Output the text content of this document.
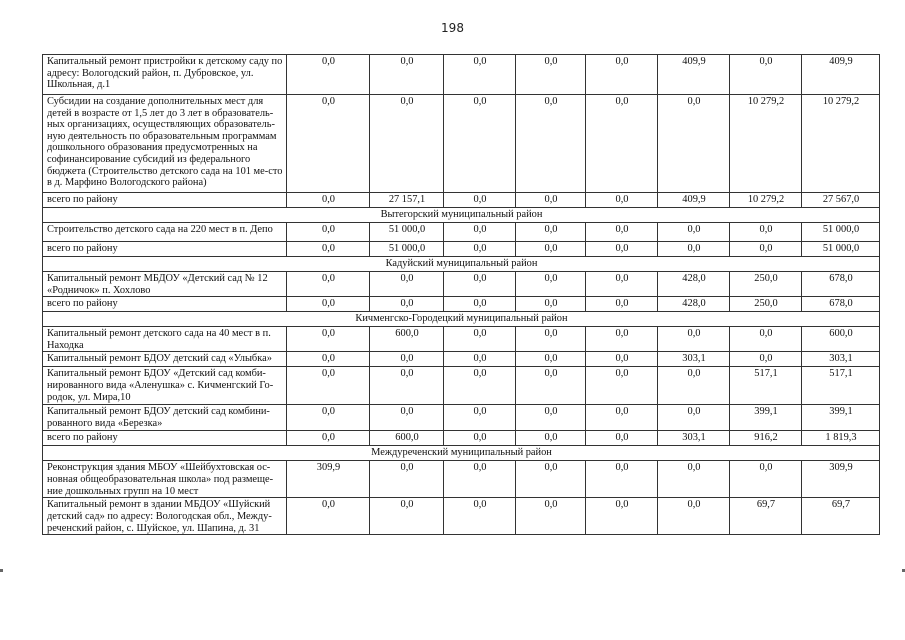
198
Капитальный ремонт пристройки к детскому саду по адресу: Вологодский район, п. Дубровское, ул. Школьная, д.1	0,0	0,0	0,0	0,0	0,0	409,9	0,0	409,9
Субсидии на создание дополнительных мест для детей в возрасте от 1,5 лет до 3 лет в образователь-ных организациях, осуществляющих образователь-ную деятельность по образовательным программам дошкольного образования предусмотренных на софинансирование субсидий из федерального бюджета (Строительство детского сада на 101 ме-сто в д. Марфино Вологодского района)	0,0	0,0	0,0	0,0	0,0	0,0	10 279,2	10 279,2
всего по району	0,0	27 157,1	0,0	0,0	0,0	409,9	10 279,2	27 567,0
Вытегорский муниципальный район								
Строительство детского сада на 220 мест в п. Депо	0,0	51 000,0	0,0	0,0	0,0	0,0	0,0	51 000,0
всего по району	0,0	51 000,0	0,0	0,0	0,0	0,0	0,0	51 000,0
Кадуйский муниципальный район								
Капитальный ремонт МБДОУ «Детский сад № 12 «Родничок» п. Хохлово	0,0	0,0	0,0	0,0	0,0	428,0	250,0	678,0
всего по району	0,0	0,0	0,0	0,0	0,0	428,0	250,0	678,0
Кичменгско-Городецкий муниципальный район								
Капитальный ремонт детского сада на 40 мест в п. Находка	0,0	600,0	0,0	0,0	0,0	0,0	0,0	600,0
Капитальный ремонт БДОУ детский сад «Улыбка»	0,0	0,0	0,0	0,0	0,0	303,1	0,0	303,1
Капитальный ремонт БДОУ «Детский сад комби-нированного вида «Аленушка» с. Кичменгский Го-родок, ул. Мира,10	0,0	0,0	0,0	0,0	0,0	0,0	517,1	517,1
Капитальный ремонт БДОУ детский сад комбини-рованного вида «Березка»	0,0	0,0	0,0	0,0	0,0	0,0	399,1	399,1
всего по району	0,0	600,0	0,0	0,0	0,0	303,1	916,2	1 819,3
Междуреченский муниципальный район								
Реконструкция здания МБОУ «Шейбухтовская ос-новная общеобразовательная школа» под размеще-ние дошкольных групп на 10 мест	309,9	0,0	0,0	0,0	0,0	0,0	0,0	309,9
Капитальный ремонт в здании МБДОУ «Шуйский детский сад» по адресу: Вологодская обл., Между-реченский район, с. Шуйское, ул. Шапина, д. 31	0,0	0,0	0,0	0,0	0,0	0,0	69,7	69,7
